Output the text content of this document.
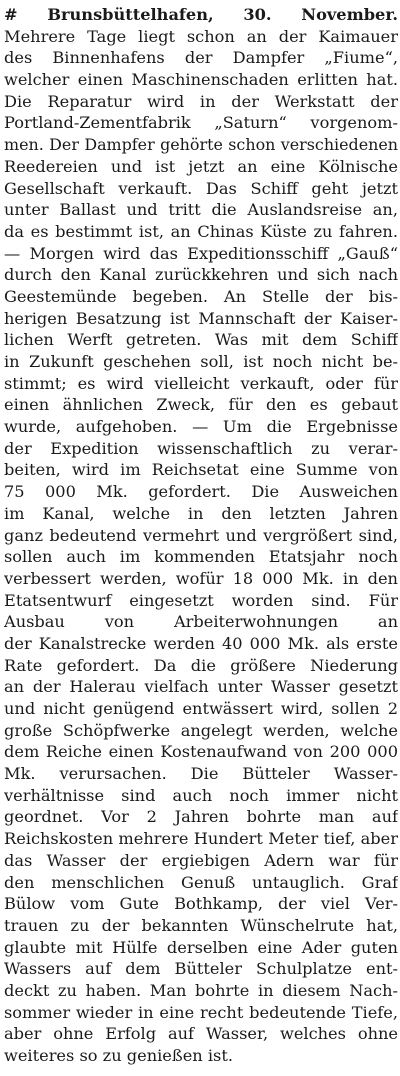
# Brunsbüttelhafen, 30. November.
Mehrere Tage liegt schon an der Kaimauer
des Binnenhafens der Dampfer „Fiume“,
welcher einen Maschinenschaden erlitten hat.
Die Reparatur wird in der Werkstatt der
Portland-Zementfabrik „Saturn“ vorgenom-
men. Der Dampfer gehörte schon verschiedenen
Reedereien und ist jetzt an eine Kölnische
Gesellschaft verkauft. Das Schiff geht jetzt
unter Ballast und tritt die Auslandsreise an,
da es bestimmt ist, an Chinas Küste zu fahren.
— Morgen wird das Expeditionsschiff „Gauß“
durch den Kanal zurückkehren und sich nach
Geestemünde begeben. An Stelle der bis-
herigen Besatzung ist Mannschaft der Kaiser-
lichen Werft getreten. Was mit dem Schiff
in Zukunft geschehen soll, ist noch nicht be-
stimmt; es wird vielleicht verkauft, oder für
einen ähnlichen Zweck, für den es gebaut
wurde, aufgehoben. — Um die Ergebnisse
der Expedition wissenschaftlich zu verar-
beiten, wird im Reichsetat eine Summe von
75 000 Mk. gefordert. Die Ausweichen
im Kanal, welche in den letzten Jahren
ganz bedeutend vermehrt und vergrößert sind,
sollen auch im kommenden Etatsjahr noch
verbessert werden, wofür 18 000 Mk. in den
Etatsentwurf eingesetzt worden sind. Für
Ausbau von Arbeiterwohnungen an
der Kanalstrecke werden 40 000 Mk. als erste
Rate gefordert. Da die größere Niederung
an der Halerau vielfach unter Wasser gesetzt
und nicht genügend entwässert wird, sollen 2
große Schöpfwerke angelegt werden, welche
dem Reiche einen Kostenaufwand von 200 000
Mk. verursachen. Die Bütteler Wasser-
verhältnisse sind auch noch immer nicht
geordnet. Vor 2 Jahren bohrte man auf
Reichskosten mehrere Hundert Meter tief, aber
das Wasser der ergiebigen Adern war für
den menschlichen Genuß untauglich. Graf
Bülow vom Gute Bothkamp, der viel Ver-
trauen zu der bekannten Wünschelrute hat,
glaubte mit Hülfe derselben eine Ader guten
Wassers auf dem Bütteler Schulplatze ent-
deckt zu haben. Man bohrte in diesem Nach-
sommer wieder in eine recht bedeutende Tiefe,
aber ohne Erfolg auf Wasser, welches ohne
weiteres so zu genießen ist.
